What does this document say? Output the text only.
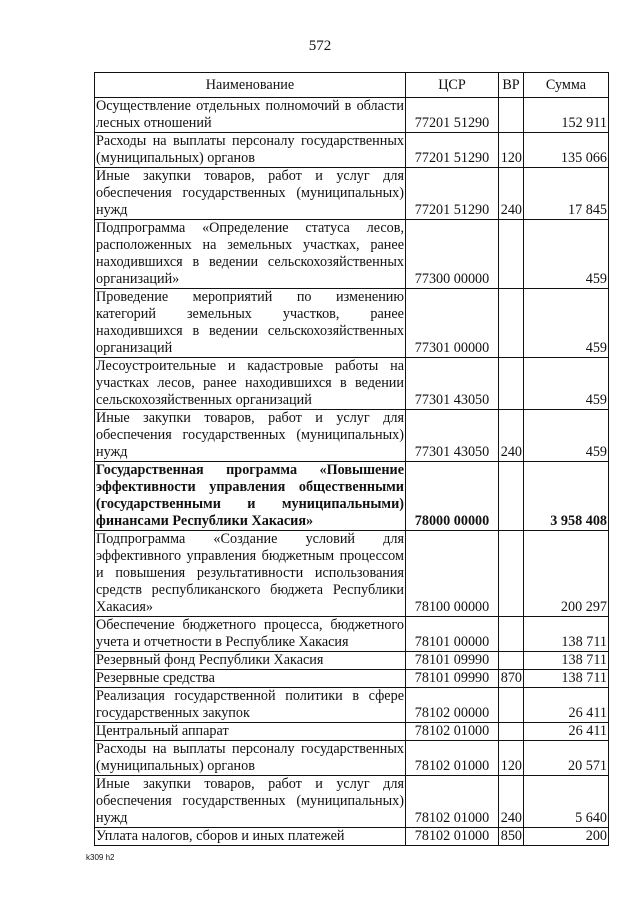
572
Наименование	ЦСР	ВР	Сумма
Осуществление отдельных полномочий в области лесных отношений	77201 51290		152 911
Расходы на выплаты персоналу государственных (муниципальных) органов	77201 51290	120	135 066
Иные закупки товаров, работ и услуг для обеспечения государственных (муниципальных) нужд	77201 51290	240	17 845
Подпрограмма «Определение статуса лесов, расположенных на земельных участках, ранее находившихся в ведении сельскохозяйственных организаций»	77300 00000		459
Проведение мероприятий по изменению категорий земельных участков, ранее находившихся в ведении сельскохозяйственных организаций	77301 00000		459
Лесоустроительные и кадастровые работы на участках лесов, ранее находившихся в ведении сельскохозяйственных организаций	77301 43050		459
Иные закупки товаров, работ и услуг для обеспечения государственных (муниципальных) нужд	77301 43050	240	459
Государственная программа «Повышение эффективности управления общественными (государственными и муниципальными) финансами Республики Хакасия»	78000 00000		3 958 408
Подпрограмма «Создание условий для эффективного управления бюджетным процессом и повышения результативности использования средств республиканского бюджета Республики Хакасия»	78100 00000		200 297
Обеспечение бюджетного процесса, бюджетного учета и отчетности в Республике Хакасия	78101 00000		138 711
Резервный фонд Республики Хакасия	78101 09990		138 711
Резервные средства	78101 09990	870	138 711
Реализация государственной политики в сфере государственных закупок	78102 00000		26 411
Центральный аппарат	78102 01000		26 411
Расходы на выплаты персоналу государственных (муниципальных) органов	78102 01000	120	20 571
Иные закупки товаров, работ и услуг для обеспечения государственных (муниципальных) нужд	78102 01000	240	5 640
Уплата налогов, сборов и иных платежей	78102 01000	850	200
k309 h2
